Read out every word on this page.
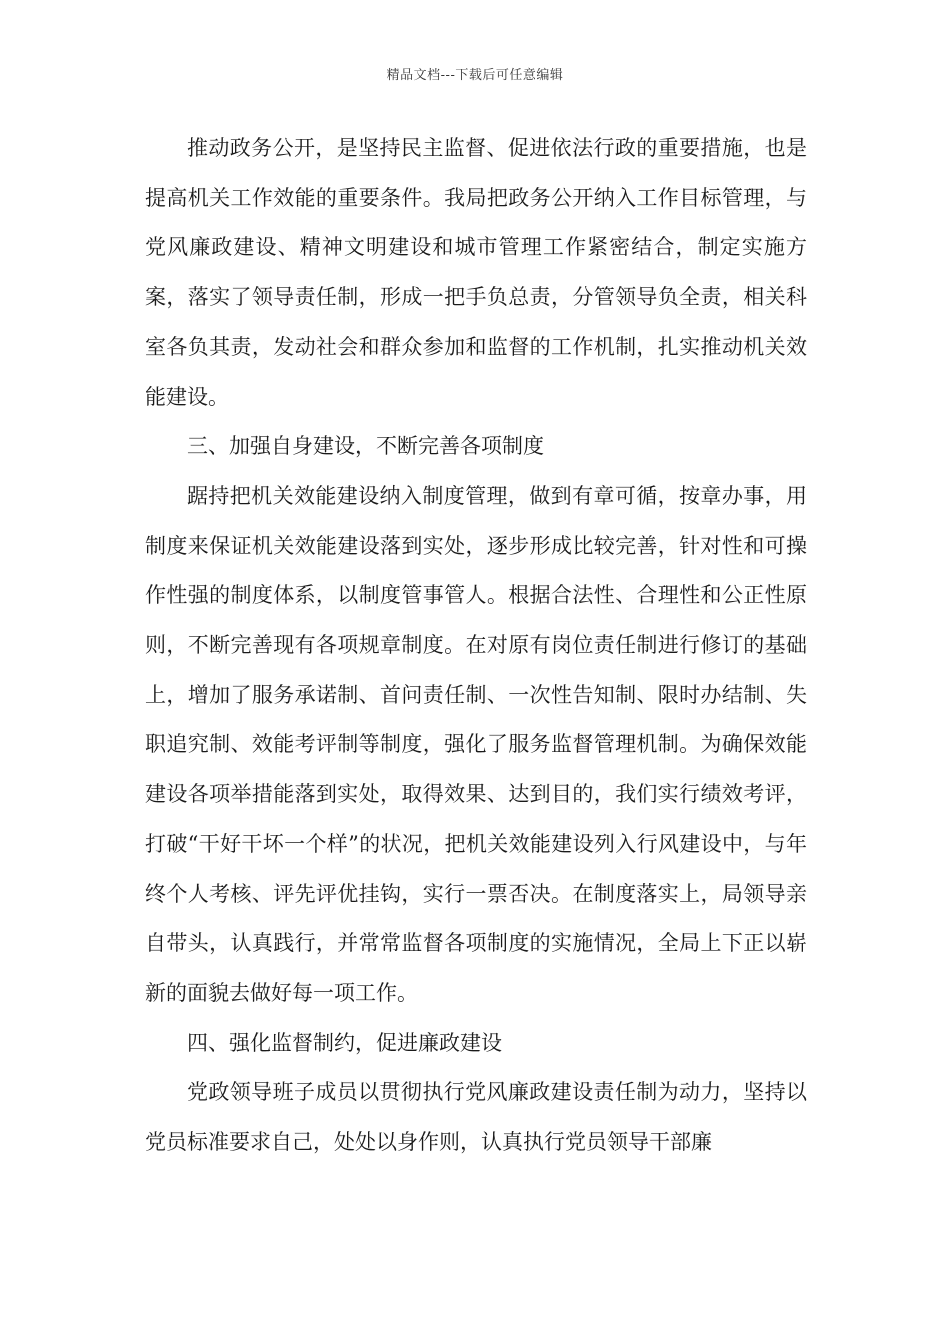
精品文档---下载后可任意编辑

推动政务公开，是坚持民主监督、促进依法行政的重要措施，也是提高机关工作效能的重要条件。我局把政务公开纳入工作目标管理，与党风廉政建设、精神文明建设和城市管理工作紧密结合，制定实施方案，落实了领导责任制，形成一把手负总责，分管领导负全责，相关科室各负其责，发动社会和群众参加和监督的工作机制，扎实推动机关效能建设。

三、加强自身建设，不断完善各项制度

踞持把机关效能建设纳入制度管理，做到有章可循，按章办事，用制度来保证机关效能建设落到实处，逐步形成比较完善，针对性和可操作性强的制度体系，以制度管事管人。根据合法性、合理性和公正性原则，不断完善现有各项规章制度。在对原有岗位责任制进行修订的基础上，增加了服务承诺制、首问责任制、一次性告知制、限时办结制、失职追究制、效能考评制等制度，强化了服务监督管理机制。为确保效能建设各项举措能落到实处，取得效果、达到目的，我们实行绩效考评，打破“干好干坏一个样”的状况，把机关效能建设列入行风建设中，与年终个人考核、评先评优挂钩，实行一票否决。在制度落实上，局领导亲自带头，认真践行，并常常监督各项制度的实施情况，全局上下正以崭新的面貌去做好每一项工作。

四、强化监督制约，促进廉政建设

党政领导班子成员以贯彻执行党风廉政建设责任制为动力，坚持以党员标准要求自己，处处以身作则，认真执行党员领导干部廉
